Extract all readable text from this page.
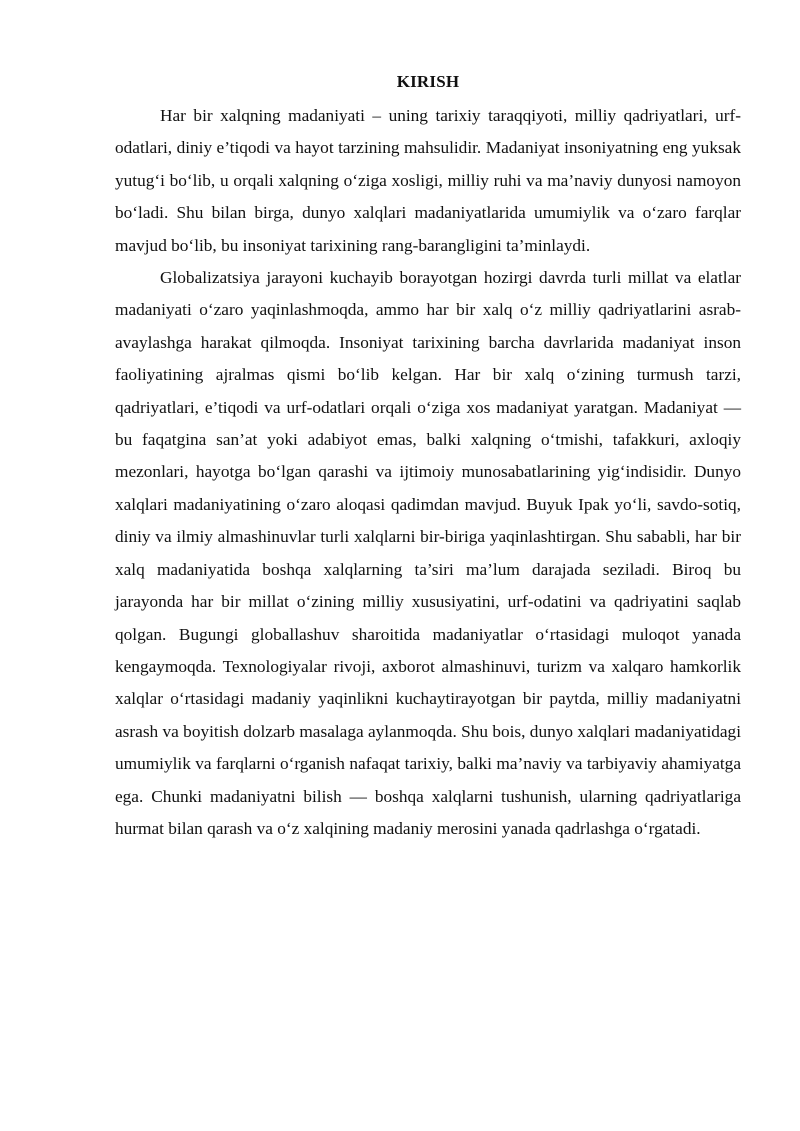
KIRISH

Har bir xalqning madaniyati – uning tarixiy taraqqiyoti, milliy qadriyatlari, urf-odatlari, diniy e’tiqodi va hayot tarzining mahsulidir. Madaniyat insoniyatning eng yuksak yutug‘i bo‘lib, u orqali xalqning o‘ziga xosligi, milliy ruhi va ma’naviy dunyosi namoyon bo‘ladi. Shu bilan birga, dunyo xalqlari madaniyatlarida umumiylik va o‘zaro farqlar mavjud bo‘lib, bu insoniyat tarixining rang-barangligini ta’minlaydi.

Globalizatsiya jarayoni kuchayib borayotgan hozirgi davrda turli millat va elatlar madaniyati o‘zaro yaqinlashmoqda, ammo har bir xalq o‘z milliy qadriyatlarini asrab-avaylashga harakat qilmoqda. Insoniyat tarixining barcha davrlarida madaniyat inson faoliyatining ajralmas qismi bo‘lib kelgan. Har bir xalq o‘zining turmush tarzi, qadriyatlari, e’tiqodi va urf-odatlari orqali o‘ziga xos madaniyat yaratgan. Madaniyat — bu faqatgina san’at yoki adabiyot emas, balki xalqning o‘tmishi, tafakkuri, axloqiy mezonlari, hayotga bo‘lgan qarashi va ijtimoiy munosabatlarining yig‘indisidir. Dunyo xalqlari madaniyatining o‘zaro aloqasi qadimdan mavjud. Buyuk Ipak yo‘li, savdo-sotiq, diniy va ilmiy almashinuvlar turli xalqlarni bir-biriga yaqinlashtirgan. Shu sababli, har bir xalq madaniyatida boshqa xalqlarning ta’siri ma’lum darajada seziladi. Biroq bu jarayonda har bir millat o‘zining milliy xususiyatini, urf-odatini va qadriyatini saqlab qolgan. Bugungi globallashuv sharoitida madaniyatlar o‘rtasidagi muloqot yanada kengaymoqda. Texnologiyalar rivoji, axborot almashinuvi, turizm va xalqaro hamkorlik xalqlar o‘rtasidagi madaniy yaqinlikni kuchaytirayotgan bir paytda, milliy madaniyatni asrash va boyitish dolzarb masalaga aylanmoqda. Shu bois, dunyo xalqlari madaniyatidagi umumiylik va farqlarni o‘rganish nafaqat tarixiy, balki ma’naviy va tarbiyaviy ahamiyatga ega. Chunki madaniyatni bilish — boshqa xalqlarni tushunish, ularning qadriyatlariga hurmat bilan qarash va o‘z xalqining madaniy merosini yanada qadrlashga o‘rgatadi.
